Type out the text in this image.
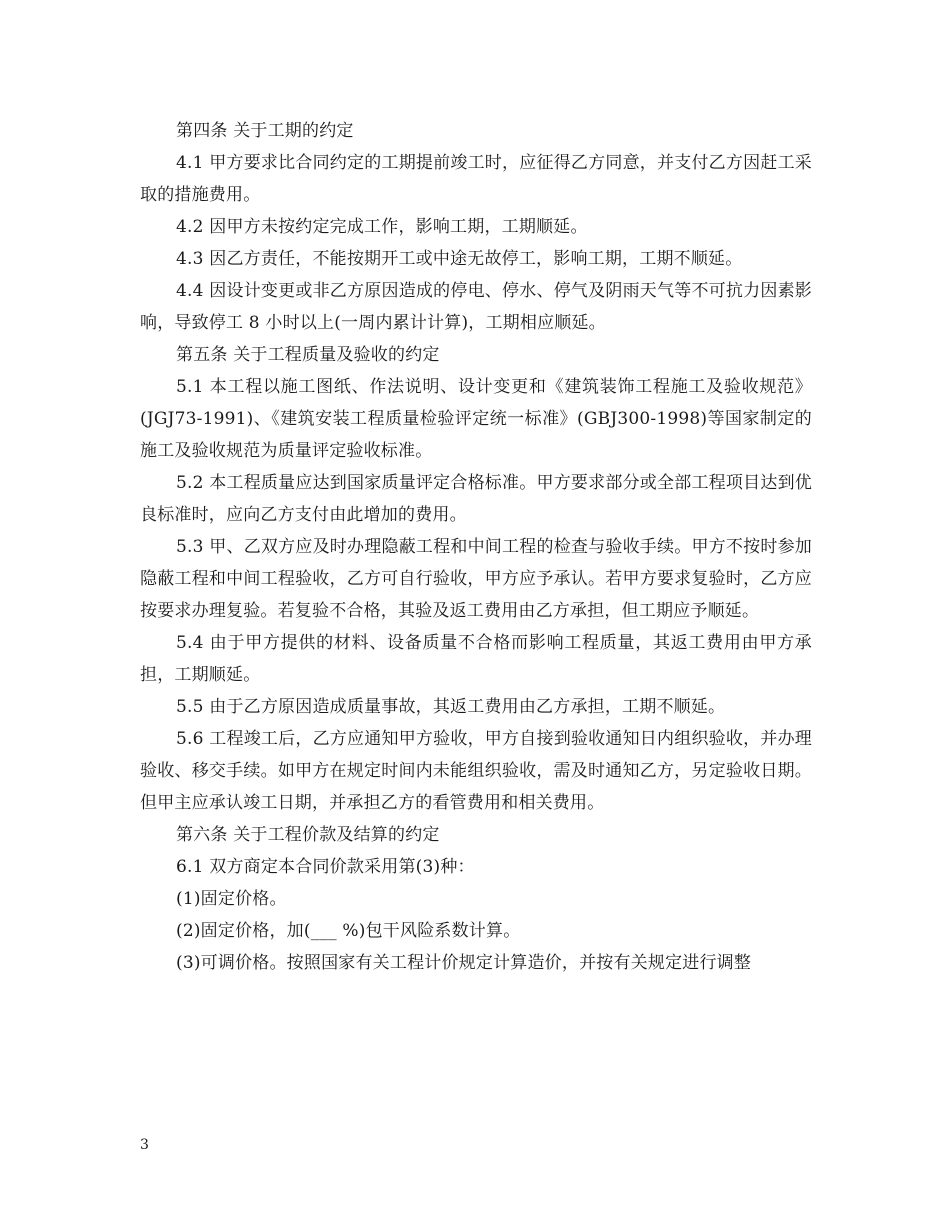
第四条 关于工期的约定

4.1 甲方要求比合同约定的工期提前竣工时，应征得乙方同意，并支付乙方因赶工采取的措施费用。

4.2 因甲方未按约定完成工作，影响工期，工期顺延。

4.3 因乙方责任，不能按期开工或中途无故停工，影响工期，工期不顺延。

4.4 因设计变更或非乙方原因造成的停电、停水、停气及阴雨天气等不可抗力因素影响，导致停工 8 小时以上(一周内累计计算)，工期相应顺延。

第五条 关于工程质量及验收的约定

5.1 本工程以施工图纸、作法说明、设计变更和《建筑装饰工程施工及验收规范》(JGJ73-1991)、《建筑安装工程质量检验评定统一标准》(GBJ300-1998)等国家制定的施工及验收规范为质量评定验收标准。

5.2 本工程质量应达到国家质量评定合格标准。甲方要求部分或全部工程项目达到优良标准时，应向乙方支付由此增加的费用。

5.3 甲、乙双方应及时办理隐蔽工程和中间工程的检查与验收手续。甲方不按时参加隐蔽工程和中间工程验收，乙方可自行验收，甲方应予承认。若甲方要求复验时，乙方应按要求办理复验。若复验不合格，其验及返工费用由乙方承担，但工期应予顺延。

5.4 由于甲方提供的材料、设备质量不合格而影响工程质量，其返工费用由甲方承担，工期顺延。

5.5 由于乙方原因造成质量事故，其返工费用由乙方承担，工期不顺延。

5.6 工程竣工后，乙方应通知甲方验收，甲方自接到验收通知日内组织验收，并办理验收、移交手续。如甲方在规定时间内未能组织验收，需及时通知乙方，另定验收日期。但甲主应承认竣工日期，并承担乙方的看管费用和相关费用。

第六条 关于工程价款及结算的约定

6.1 双方商定本合同价款采用第(3)种：

(1)固定价格。

(2)固定价格，加(___ %)包干风险系数计算。

(3)可调价格。按照国家有关工程计价规定计算造价，并按有关规定进行调整

3
